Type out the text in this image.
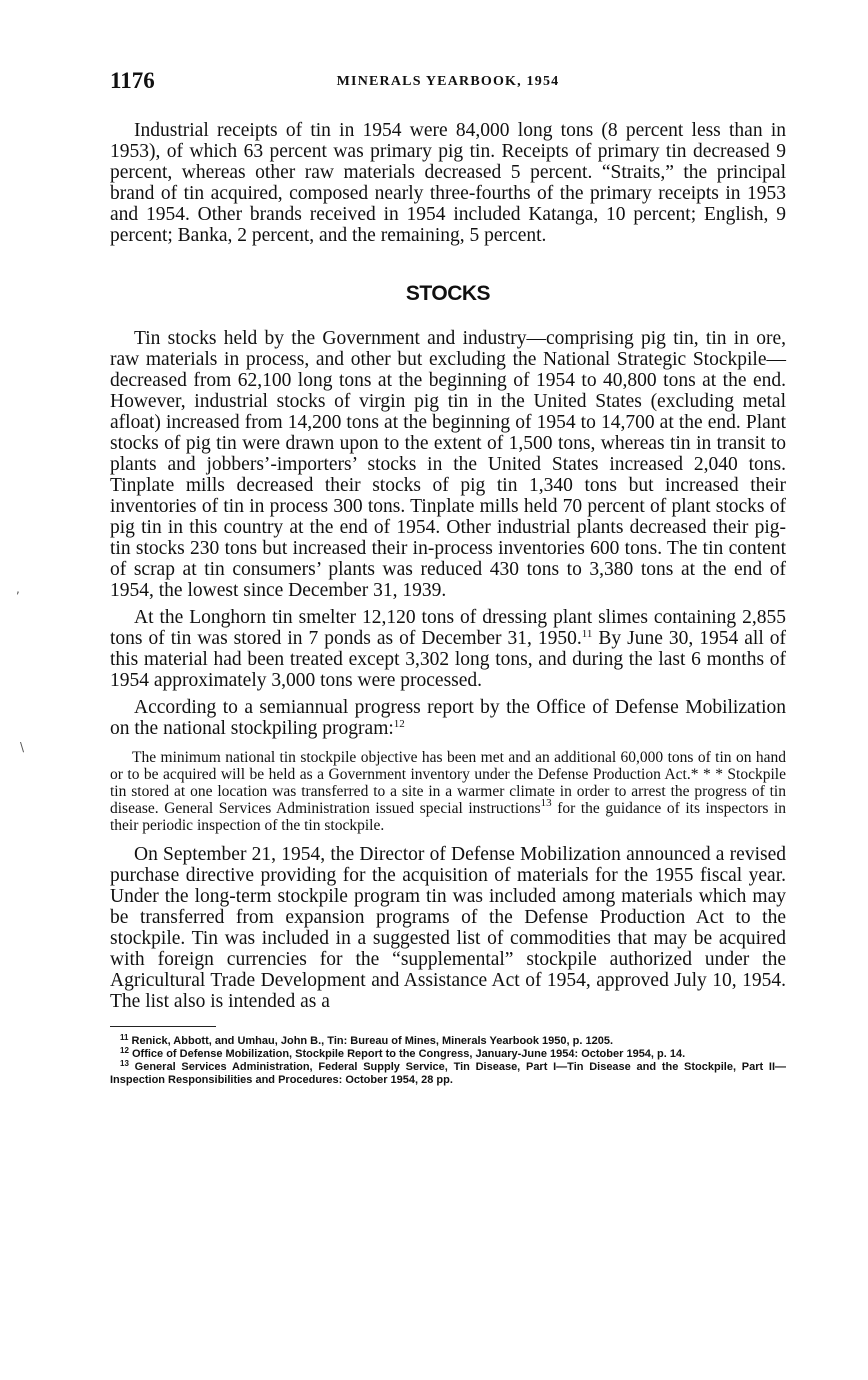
,
\
1176	MINERALS YEARBOOK, 1954

Industrial receipts of tin in 1954 were 84,000 long tons (8 percent less than in 1953), of which 63 percent was primary pig tin. Receipts of primary tin decreased 9 percent, whereas other raw materials decreased 5 percent. “Straits,” the principal brand of tin acquired, composed nearly three-fourths of the primary receipts in 1953 and 1954. Other brands received in 1954 included Katanga, 10 percent; English, 9 percent; Banka, 2 percent, and the remaining, 5 percent.

STOCKS

Tin stocks held by the Government and industry—comprising pig tin, tin in ore, raw materials in process, and other but excluding the National Strategic Stockpile—decreased from 62,100 long tons at the beginning of 1954 to 40,800 tons at the end. However, industrial stocks of virgin pig tin in the United States (excluding metal afloat) increased from 14,200 tons at the beginning of 1954 to 14,700 at the end. Plant stocks of pig tin were drawn upon to the extent of 1,500 tons, whereas tin in transit to plants and jobbers’-importers’ stocks in the United States increased 2,040 tons. Tinplate mills decreased their stocks of pig tin 1,340 tons but increased their inventories of tin in process 300 tons. Tinplate mills held 70 percent of plant stocks of pig tin in this country at the end of 1954. Other industrial plants decreased their pig-tin stocks 230 tons but increased their in-process inventories 600 tons. The tin content of scrap at tin consumers’ plants was reduced 430 tons to 3,380 tons at the end of 1954, the lowest since December 31, 1939.

At the Longhorn tin smelter 12,120 tons of dressing plant slimes containing 2,855 tons of tin was stored in 7 ponds as of December 31, 1950.11 By June 30, 1954 all of this material had been treated except 3,302 long tons, and during the last 6 months of 1954 approximately 3,000 tons were processed.

According to a semiannual progress report by the Office of Defense Mobilization on the national stockpiling program:$^{12}$

The minimum national tin stockpile objective has been met and an additional 60,000 tons of tin on hand or to be acquired will be held as a Government inventory under the Defense Production Act.* * * Stockpile tin stored at one location was transferred to a site in a warmer climate in order to arrest the progress of tin disease. General Services Administration issued special instructions$^{13}$ for the guidance of its inspectors in their periodic inspection of the tin stockpile.

On September 21, 1954, the Director of Defense Mobilization announced a revised purchase directive providing for the acquisition of materials for the 1955 fiscal year. Under the long-term stockpile program tin was included among materials which may be transferred from expansion programs of the Defense Production Act to the stockpile. Tin was included in a suggested list of commodities that may be acquired with foreign currencies for the “supplemental” stockpile authorized under the Agricultural Trade Development and Assistance Act of 1954, approved July 10, 1954. The list also is intended as a

$^{11}$ Renick, Abbott, and Umhau, John B., Tin: Bureau of Mines, Minerals Yearbook 1950, p. 1205.
$^{12}$ Office of Defense Mobilization, Stockpile Report to the Congress, January-June 1954: October 1954, p. 14.
$^{13}$ General Services Administration, Federal Supply Service, Tin Disease, Part I—Tin Disease and the Stockpile, Part II—Inspection Responsibilities and Procedures: October 1954, 28 pp.
